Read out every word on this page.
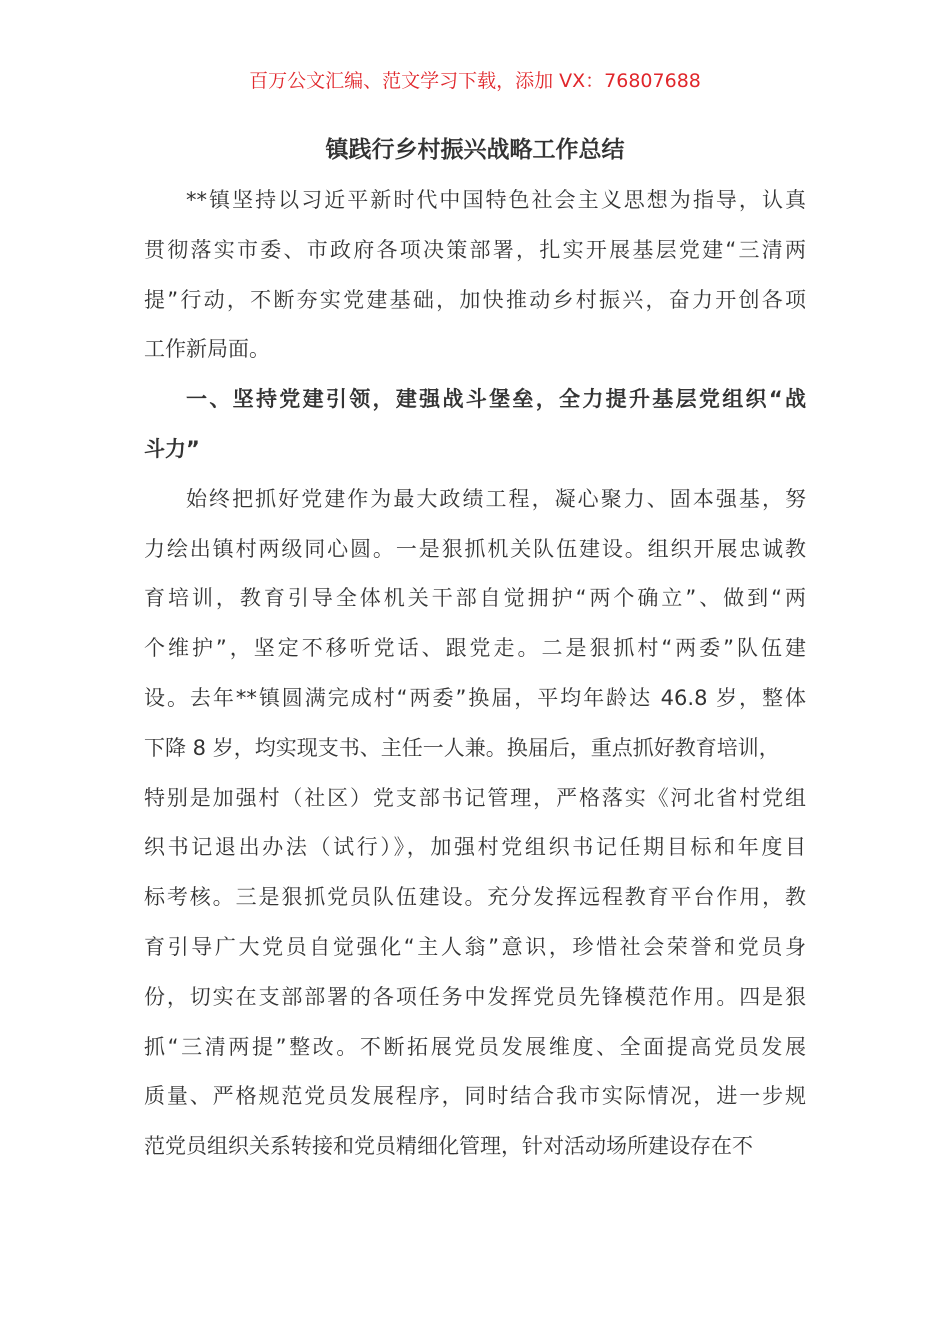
百万公文汇编、范文学习下载，添加 VX：76807688
镇践行乡村振兴战略工作总结
**镇坚持以习近平新时代中国特色社会主义思想为指导，认真
贯彻落实市委、市政府各项决策部署，扎实开展基层党建“三清两
提”行动，不断夯实党建基础，加快推动乡村振兴，奋力开创各项
工作新局面。
一、坚持党建引领，建强战斗堡垒，全力提升基层党组织“战
斗力”
始终把抓好党建作为最大政绩工程，凝心聚力、固本强基，努
力绘出镇村两级同心圆。一是狠抓机关队伍建设。组织开展忠诚教
育培训，教育引导全体机关干部自觉拥护“两个确立”、做到“两
个维护”，坚定不移听党话、跟党走。二是狠抓村“两委”队伍建
设。去年**镇圆满完成村“两委”换届，平均年龄达 46.8 岁，整体
下降 8 岁，均实现支书、主任一人兼。换届后，重点抓好教育培训，
特别是加强村（社区）党支部书记管理，严格落实《河北省村党组
织书记退出办法（试行）》，加强村党组织书记任期目标和年度目
标考核。三是狠抓党员队伍建设。充分发挥远程教育平台作用，教
育引导广大党员自觉强化“主人翁”意识，珍惜社会荣誉和党员身
份，切实在支部部署的各项任务中发挥党员先锋模范作用。四是狠
抓“三清两提”整改。不断拓展党员发展维度、全面提高党员发展
质量、严格规范党员发展程序，同时结合我市实际情况，进一步规
范党员组织关系转接和党员精细化管理，针对活动场所建设存在不
